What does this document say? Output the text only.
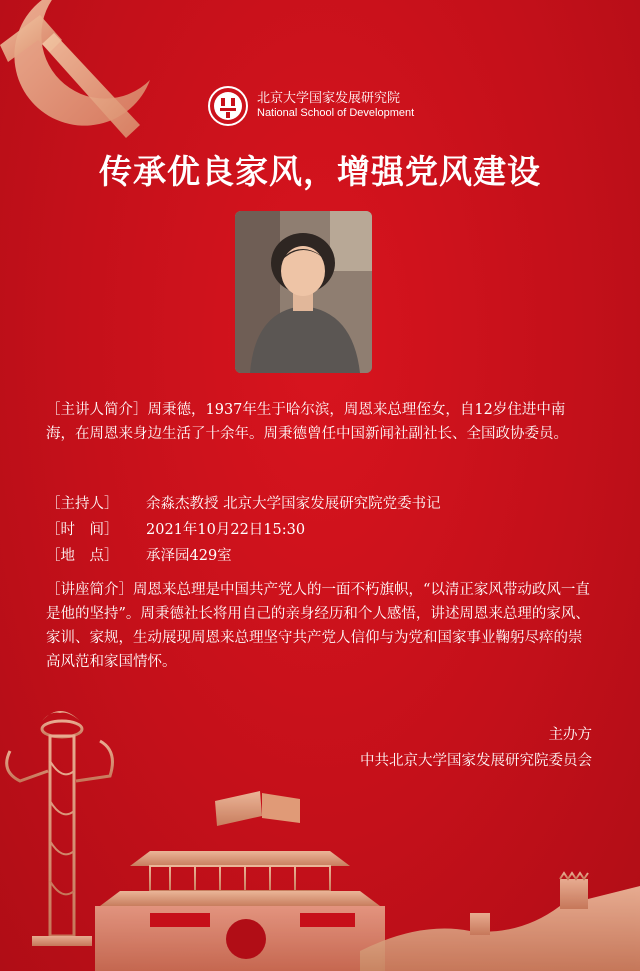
北京大学国家发展研究院
National School of Development
传承优良家风，增强党风建设
［主讲人简介］周秉德，1937年生于哈尔滨，周恩来总理侄女，自12岁住进中南海，在周恩来身边生活了十余年。周秉德曾任中国新闻社副社长、全国政协委员。
［主持人］	余淼杰教授 北京大学国家发展研究院党委书记
［时　间］	2021年10月22日15:30
［地　点］	承泽园429室
［讲座简介］周恩来总理是中国共产党人的一面不朽旗帜，“以清正家风带动政风一直是他的坚持”。周秉德社长将用自己的亲身经历和个人感悟，讲述周恩来总理的家风、家训、家规，生动展现周恩来总理坚守共产党人信仰与为党和国家事业鞠躬尽瘁的崇高风范和家国情怀。
主办方
中共北京大学国家发展研究院委员会
